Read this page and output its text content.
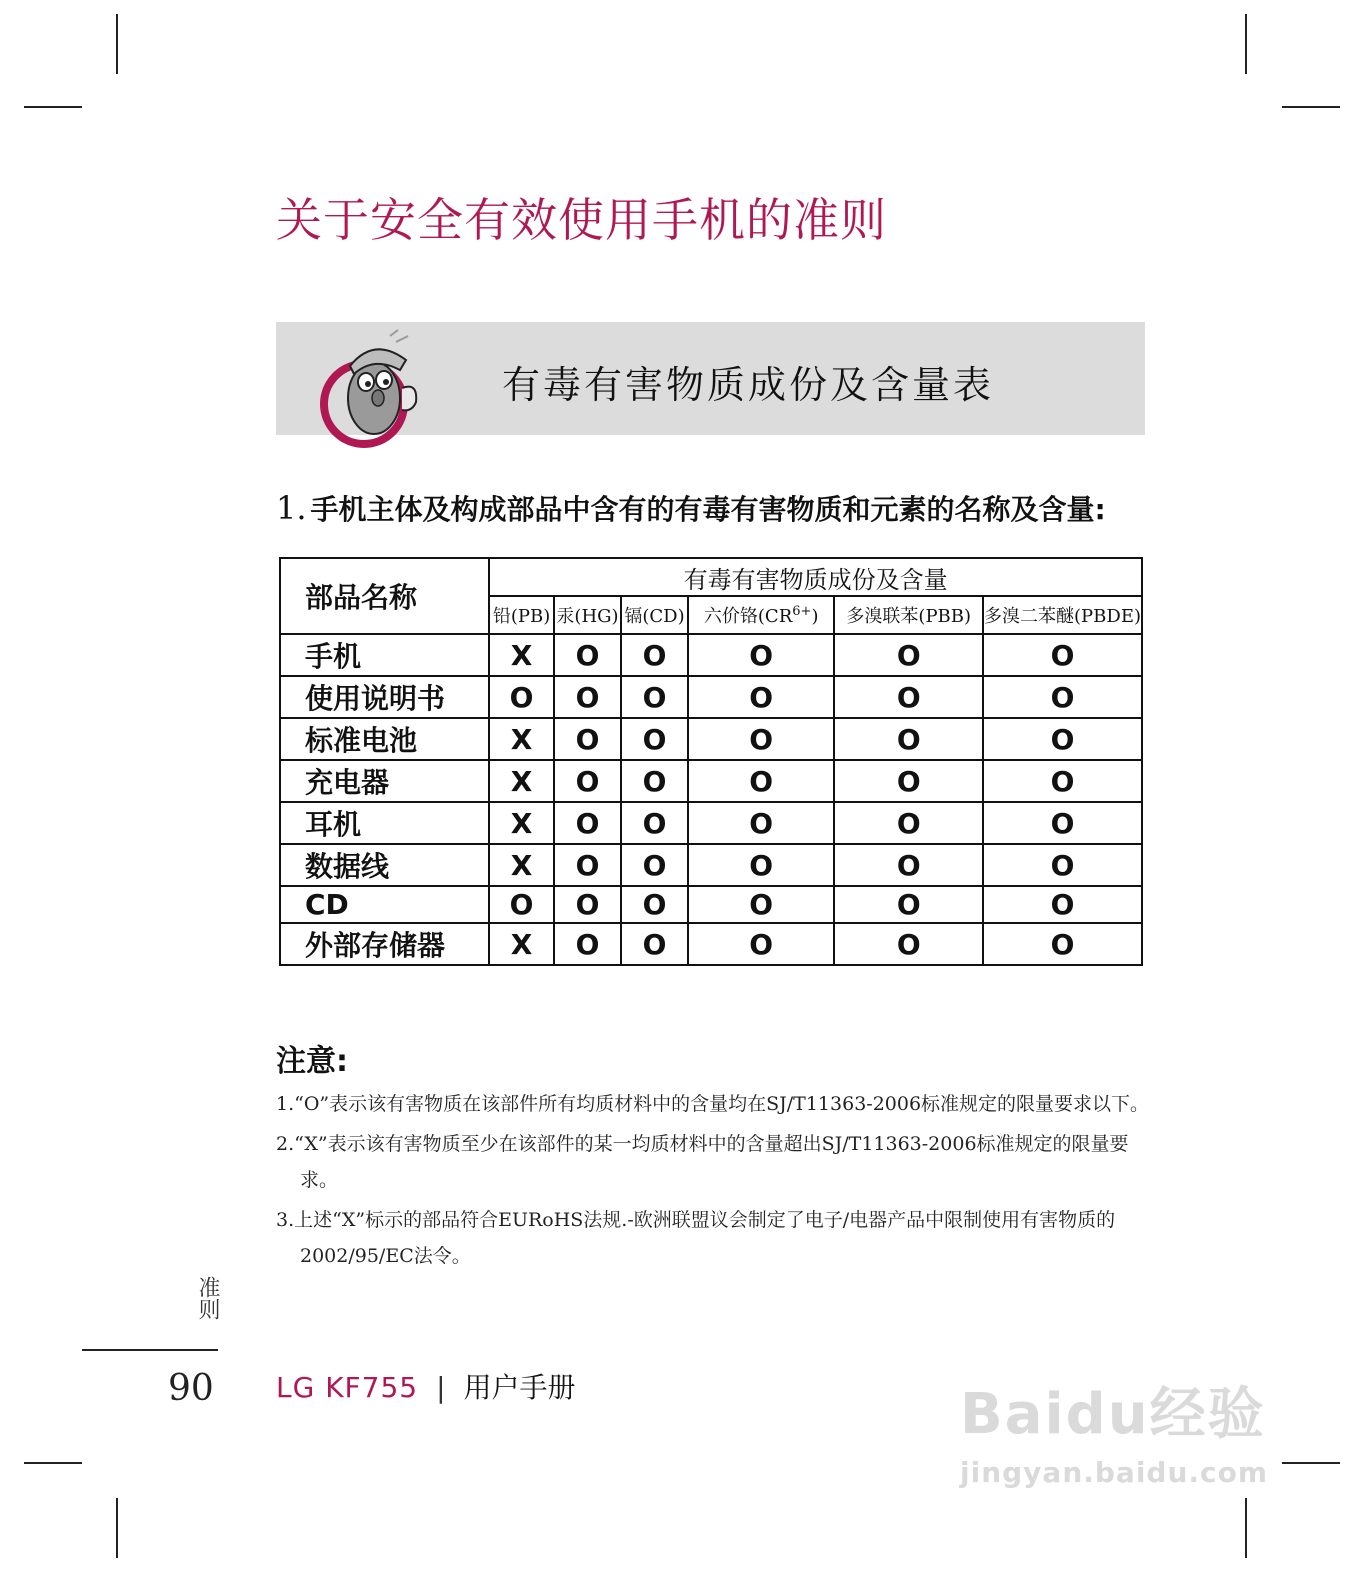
关于安全有效使用手机的准则
有毒有害物质成份及含量表
1. 手机主体及构成部品中含有的有毒有害物质和元素的名称及含量:
部品名称	有毒有害物质成份及含量					
	铅(PB)	汞(HG)	镉(CD)	六价铬$(CR^{6+})$	多溴联苯(PBB)	多溴二苯醚(PBDE)
手机	X	O	O	O	O	O
使用说明书	O	O	O	O	O	O
标准电池	X	O	O	O	O	O
充电器	X	O	O	O	O	O
耳机	X	O	O	O	O	O
数据线	X	O	O	O	O	O
CD	O	O	O	O	O	O
外部存储器	X	O	O	O	O	O
注意:
1.“O”表示该有害物质在该部件所有均质材料中的含量均在SJ/T11363-2006标准规定的限量要求以下。
2.“X”表示该有害物质至少在该部件的某一均质材料中的含量超出SJ/T11363-2006标准规定的限量要求。
3.上述“X”标示的部品符合EURoHS法规.-欧洲联盟议会制定了电子/电器产品中限制使用有害物质的2002/95/EC法令。
准则
90 LG KF755 | 用户手册	Baidu经验
jingyan.baidu.com
